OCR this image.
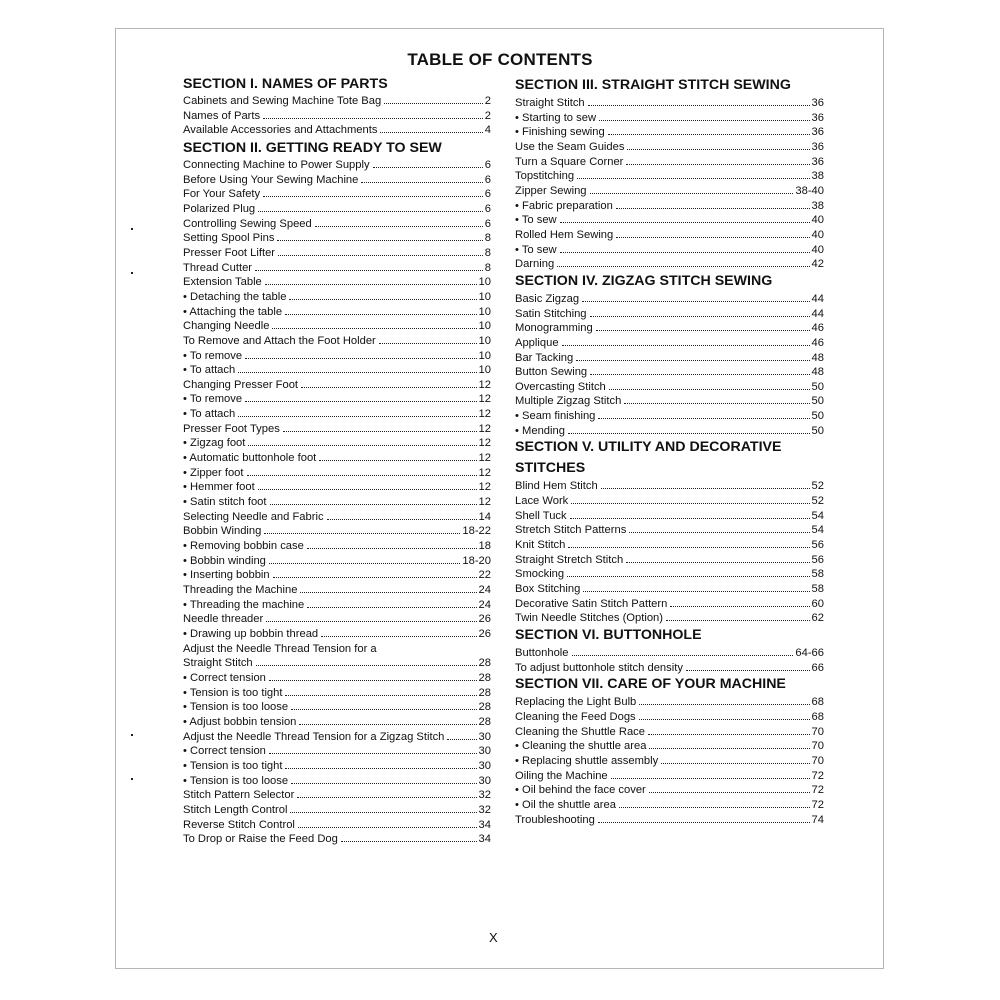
TABLE OF CONTENTS
SECTION I. NAMES OF PARTS
Cabinets and Sewing Machine Tote Bag	2
Names of Parts	2
Available Accessories and Attachments	4
SECTION II. GETTING READY TO SEW
Connecting Machine to Power Supply	6
Before Using Your Sewing Machine	6
For Your Safety	6
Polarized Plug	6
Controlling Sewing Speed	6
Setting Spool Pins	8
Presser Foot Lifter	8
Thread Cutter	8
Extension Table	10
• Detaching the table	10
• Attaching the table	10
Changing Needle	10
To Remove and Attach the Foot Holder	10
• To remove	10
• To attach	10
Changing Presser Foot	12
• To remove	12
• To attach	12
Presser Foot Types	12
• Zigzag foot	12
• Automatic buttonhole foot	12
• Zipper foot	12
• Hemmer foot	12
• Satin stitch foot	12
Selecting Needle and Fabric	14
Bobbin Winding	18-22
• Removing bobbin case	18
• Bobbin winding	18-20
• Inserting bobbin	22
Threading the Machine	24
• Threading the machine	24
Needle threader	26
• Drawing up bobbin thread	26
Adjust the Needle Thread Tension for a
Straight Stitch	28
• Correct tension	28
• Tension is too tight	28
• Tension is too loose	28
• Adjust bobbin tension	28
Adjust the Needle Thread Tension for a Zigzag Stitch	30
• Correct tension	30
• Tension is too tight	30
• Tension is too loose	30
Stitch Pattern Selector	32
Stitch Length Control	32
Reverse Stitch Control	34
To Drop or Raise the Feed Dog	34
SECTION III. STRAIGHT STITCH SEWING
Straight Stitch	36
• Starting to sew	36
• Finishing sewing	36
Use the Seam Guides	36
Turn a Square Corner	36
Topstitching	38
Zipper Sewing	38-40
• Fabric preparation	38
• To sew	40
Rolled Hem Sewing	40
• To sew	40
Darning	42
SECTION IV. ZIGZAG STITCH SEWING
Basic Zigzag	44
Satin Stitching	44
Monogramming	46
Applique	46
Bar Tacking	48
Button Sewing	48
Overcasting Stitch	50
Multiple Zigzag Stitch	50
• Seam finishing	50
• Mending	50
SECTION V. UTILITY AND DECORATIVE
STITCHES
Blind Hem Stitch	52
Lace Work	52
Shell Tuck	54
Stretch Stitch Patterns	54
Knit Stitch	56
Straight Stretch Stitch	56
Smocking	58
Box Stitching	58
Decorative Satin Stitch Pattern	60
Twin Needle Stitches (Option)	62
SECTION VI. BUTTONHOLE
Buttonhole	64-66
To adjust buttonhole stitch density	66
SECTION VII. CARE OF YOUR MACHINE
Replacing the Light Bulb	68
Cleaning the Feed Dogs	68
Cleaning the Shuttle Race	70
• Cleaning the shuttle area	70
• Replacing shuttle assembly	70
Oiling the Machine	72
• Oil behind the face cover	72
• Oil the shuttle area	72
Troubleshooting	74

X
